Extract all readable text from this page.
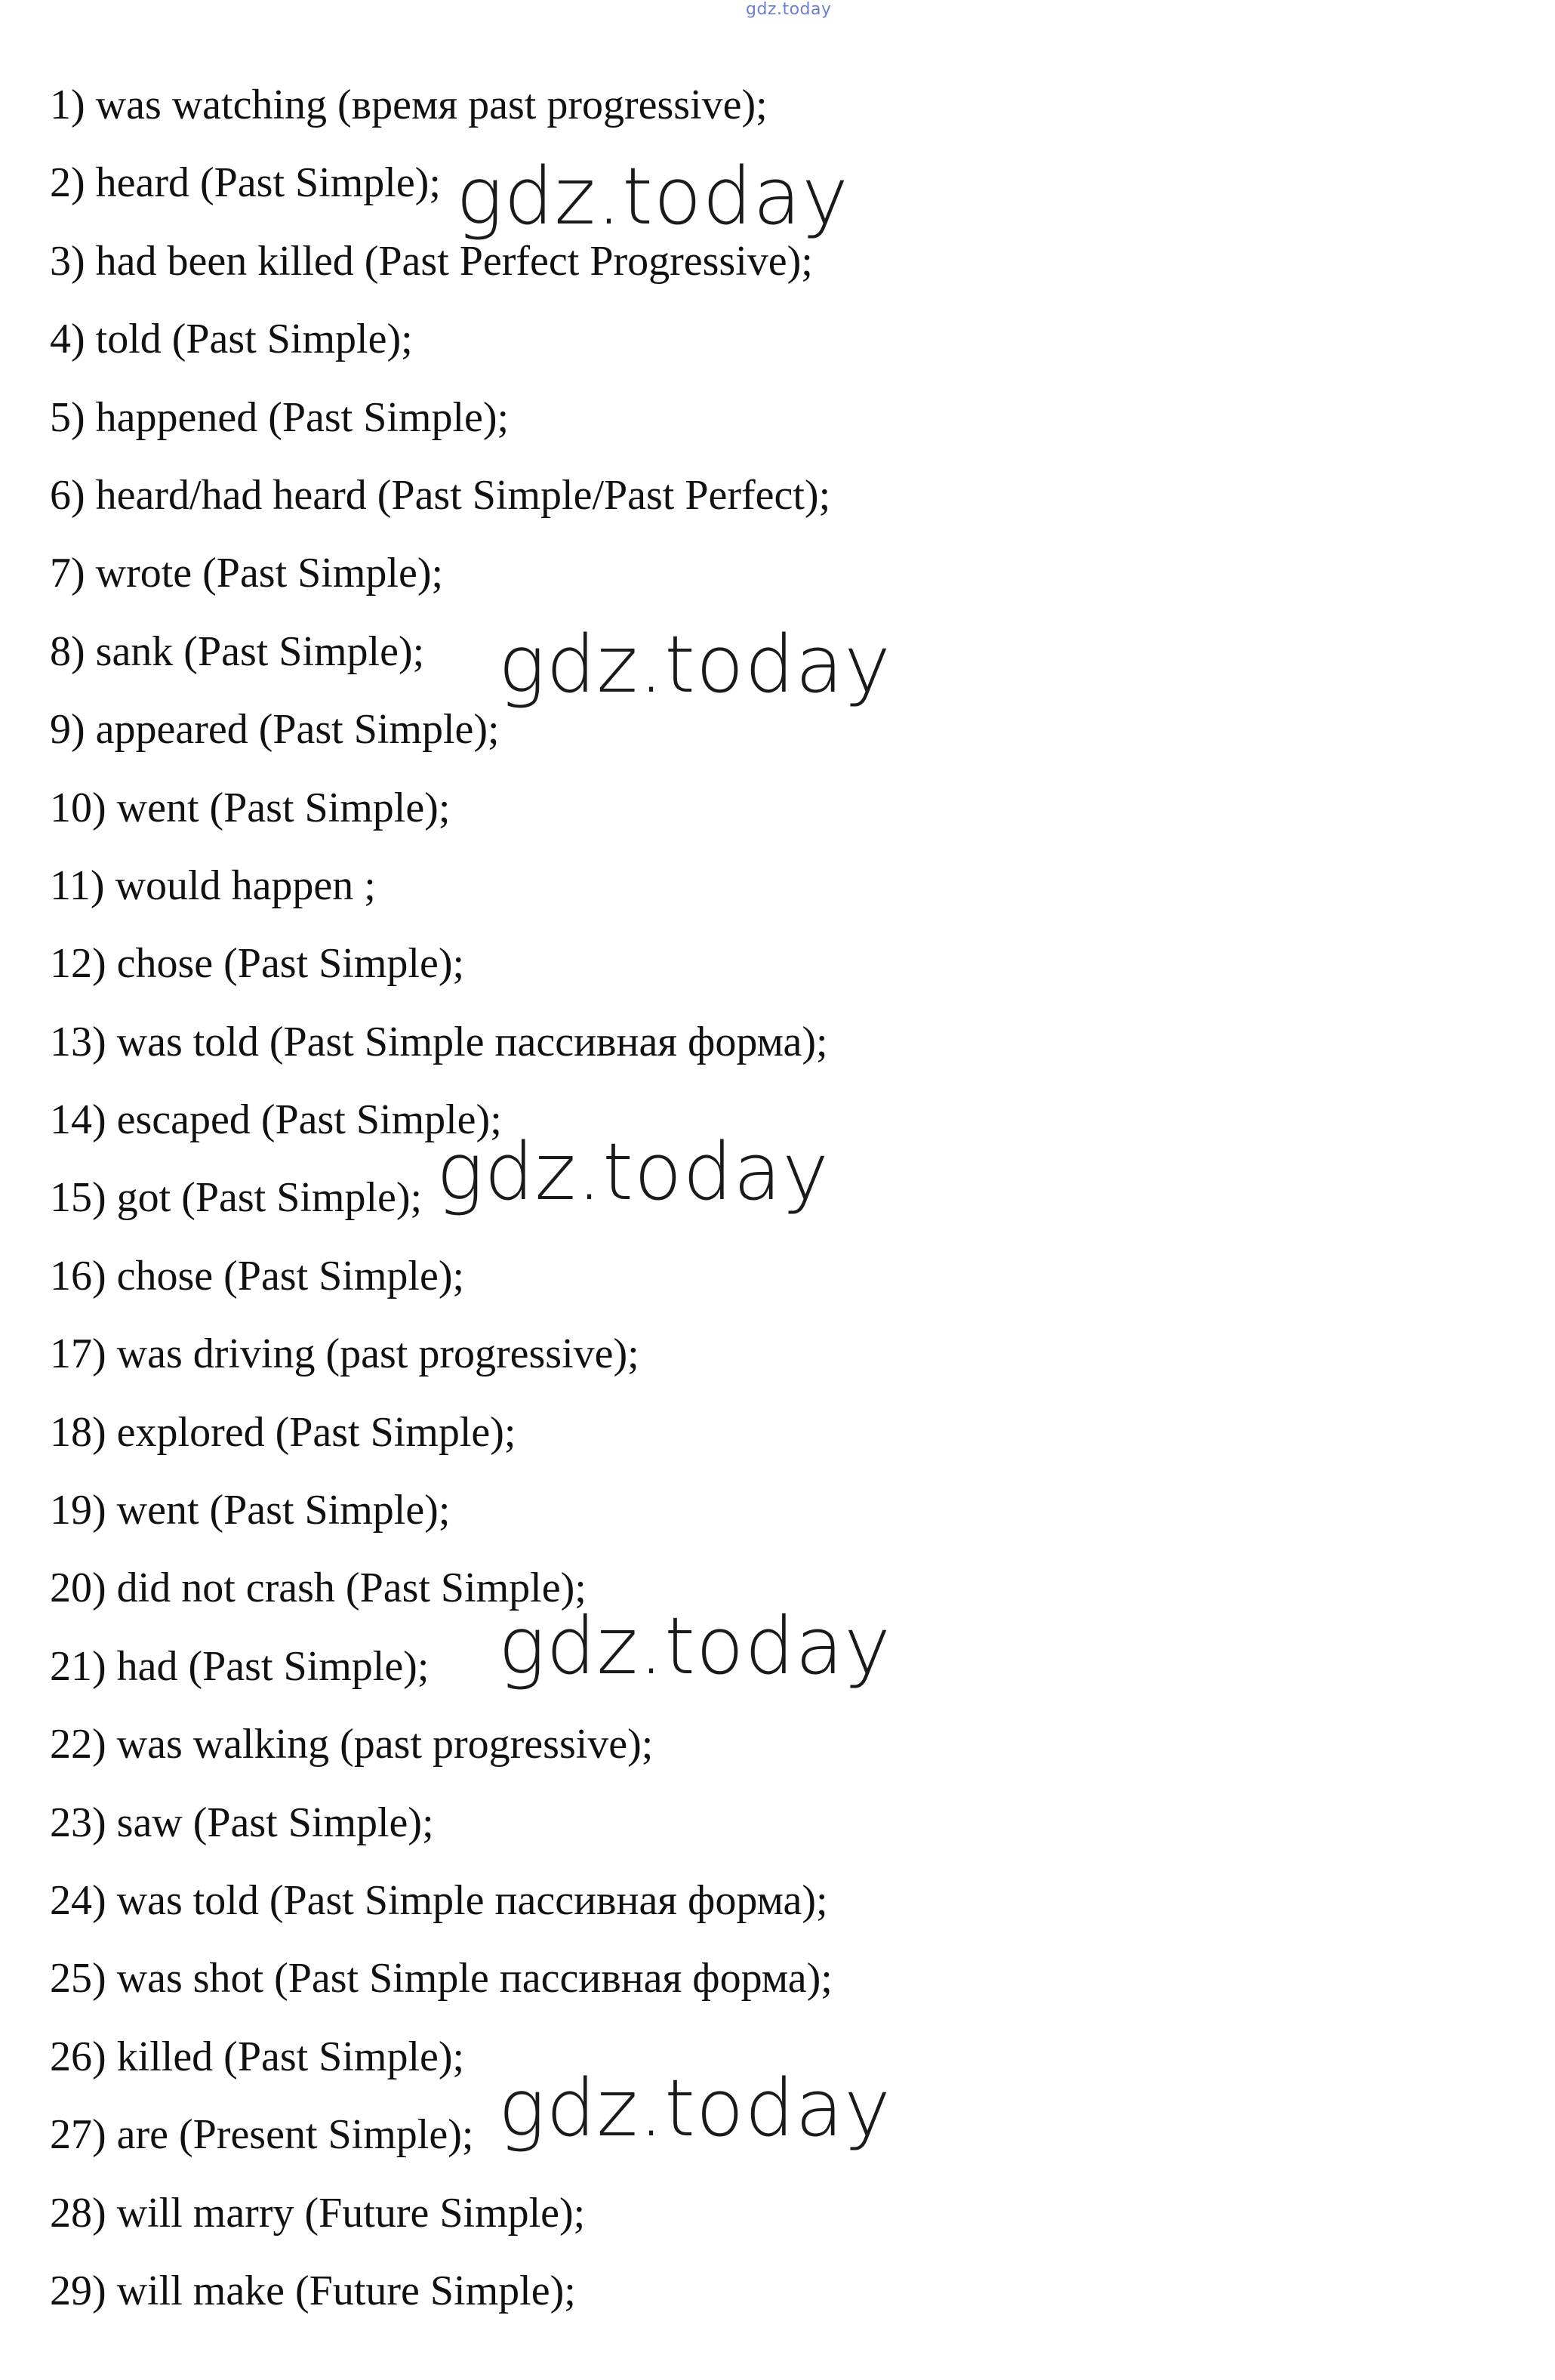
gdz.today
1) was watching (время past progressive);
2) heard (Past Simple);
3) had been killed (Past Perfect Progressive);
4) told (Past Simple);
5) happened (Past Simple);
6) heard/had heard (Past Simple/Past Perfect);
7) wrote (Past Simple);
8) sank (Past Simple);
9) appeared (Past Simple);
10) went (Past Simple);
11) would happen ;
12) chose (Past Simple);
13) was told (Past Simple пассивная форма);
14) escaped (Past Simple);
15) got (Past Simple);
16) chose (Past Simple);
17) was driving (past progressive);
18) explored (Past Simple);
19) went (Past Simple);
20) did not crash (Past Simple);
21) had (Past Simple);
22) was walking (past progressive);
23) saw (Past Simple);
24) was told (Past Simple пассивная форма);
25) was shot (Past Simple пассивная форма);
26) killed (Past Simple);
27) are (Present Simple);
28) will marry (Future Simple);
29) will make (Future Simple);
gdz.today
gdz.today
gdz.today
gdz.today
gdz.today
